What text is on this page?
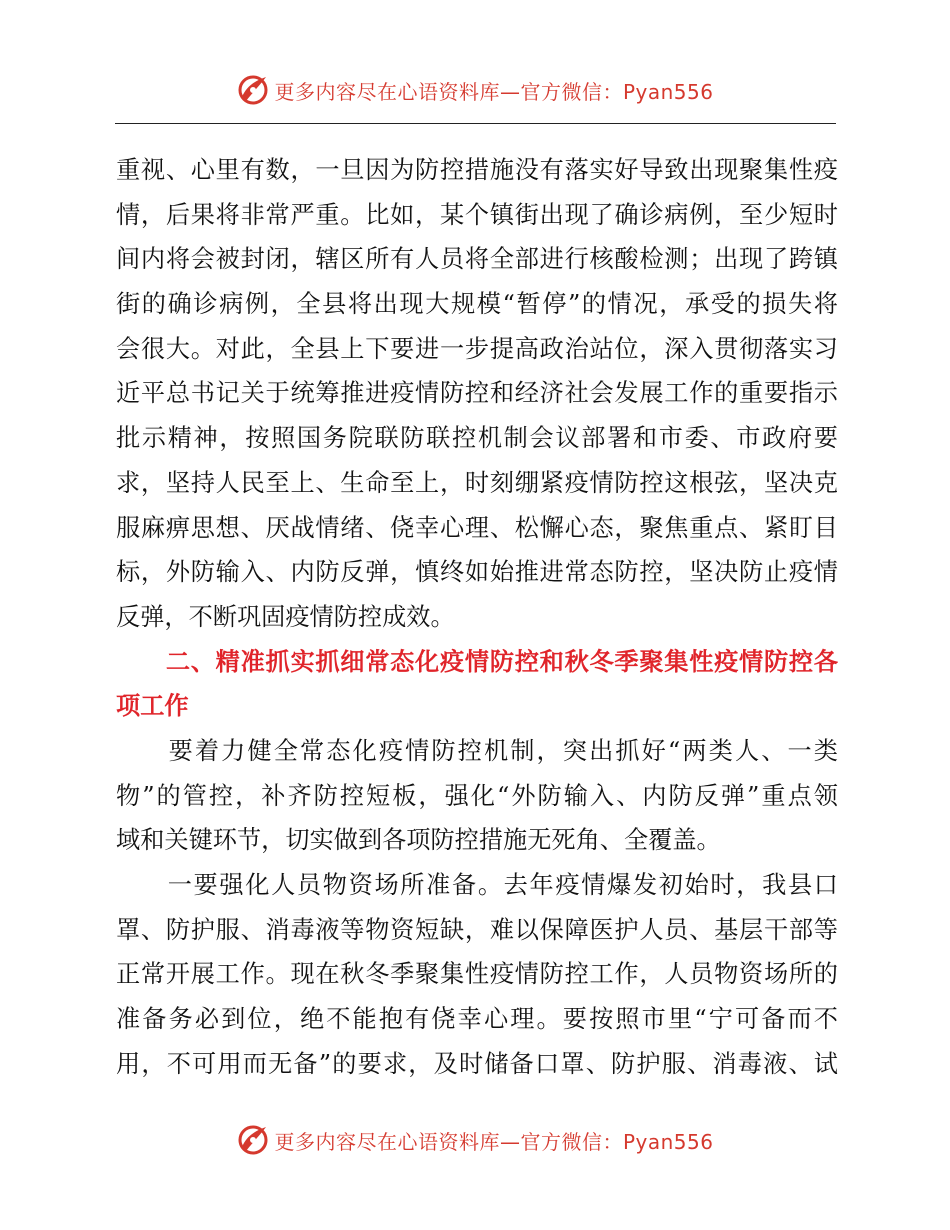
更多内容尽在心语资料库—官方微信：Pyan556
重视、心里有数，一旦因为防控措施没有落实好导致出现聚集性疫
情，后果将非常严重。比如，某个镇街出现了确诊病例，至少短时
间内将会被封闭，辖区所有人员将全部进行核酸检测；出现了跨镇
街的确诊病例，全县将出现大规模“暂停”的情况，承受的损失将
会很大。对此，全县上下要进一步提高政治站位，深入贯彻落实习
近平总书记关于统筹推进疫情防控和经济社会发展工作的重要指示
批示精神，按照国务院联防联控机制会议部署和市委、市政府要
求，坚持人民至上、生命至上，时刻绷紧疫情防控这根弦，坚决克
服麻痹思想、厌战情绪、侥幸心理、松懈心态，聚焦重点、紧盯目
标，外防输入、内防反弹，慎终如始推进常态防控，坚决防止疫情
反弹，不断巩固疫情防控成效。
　　二、精准抓实抓细常态化疫情防控和秋冬季聚集性疫情防控各
项工作
　　要着力健全常态化疫情防控机制，突出抓好“两类人、一类
物”的管控，补齐防控短板，强化“外防输入、内防反弹”重点领
域和关键环节，切实做到各项防控措施无死角、全覆盖。
　　一要强化人员物资场所准备。去年疫情爆发初始时，我县口
罩、防护服、消毒液等物资短缺，难以保障医护人员、基层干部等
正常开展工作。现在秋冬季聚集性疫情防控工作，人员物资场所的
准备务必到位，绝不能抱有侥幸心理。要按照市里“宁可备而不
用，不可用而无备”的要求，及时储备口罩、防护服、消毒液、试
更多内容尽在心语资料库—官方微信：Pyan556
